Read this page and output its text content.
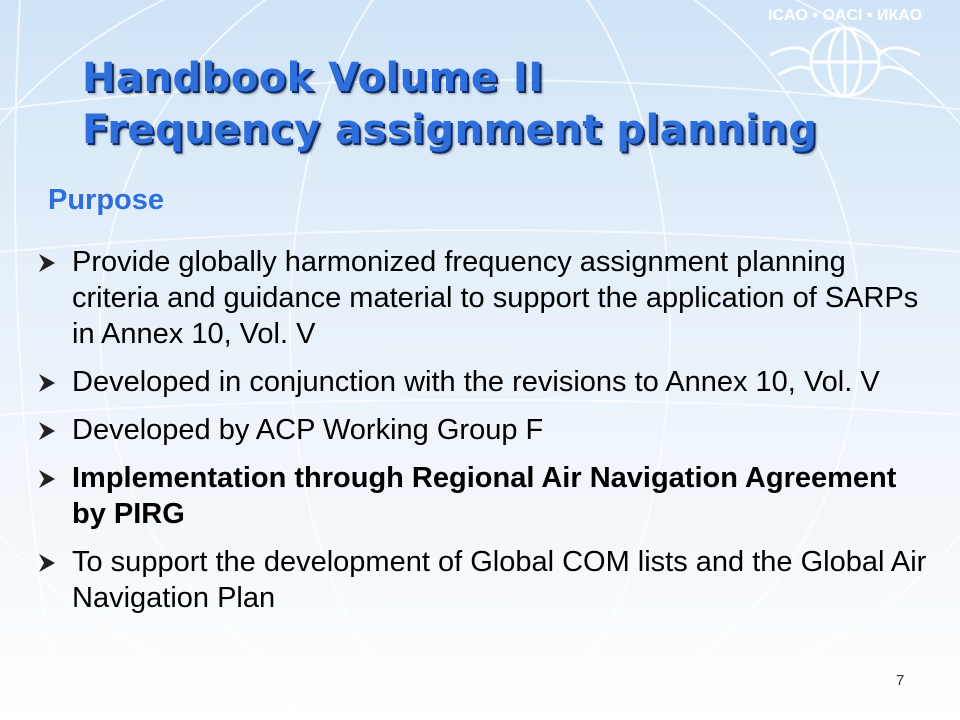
ICAO • OACI • ИКАО
Handbook Volume II
Frequency assignment planning
Purpose
Provide globally harmonized frequency assignment planning criteria and guidance material to support the application of SARPs in Annex 10, Vol. V
Developed in conjunction with the revisions to Annex 10, Vol. V
Developed by ACP Working Group F
Implementation through Regional Air Navigation Agreement by PIRG
To support the development of Global COM lists and the Global Air Navigation Plan
7
